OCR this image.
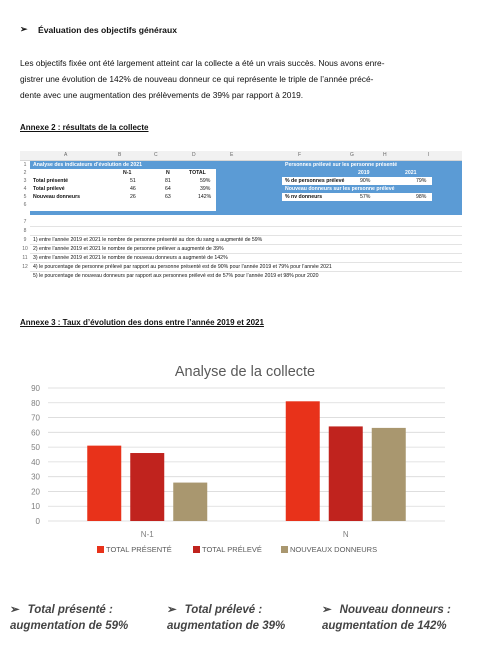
➢ Évaluation des objectifs généraux
Les objectifs fixée ont été largement atteint car la collecte a été un vrais succès. Nous avons enre-
gistrer une évolution de 142% de nouveau donneur ce qui représente le triple de l’année précé-
dente avec une augmentation des prélèvements de 39% par rapport à 2019.
Annexe 2 : résultats de la collecte
A	B	C	D	E	F	G	H	I
1
2
3
4
5
6
7
8
9
10
11
12
Analyse des indicateurs d’évolution de 2021
N-1	N	TOTAL
Total présenté	51	81	59%
Total prélevé	46	64	39%
Nouveau donneurs	26	63	142%
Personnes prélevé sur les personne présenté
2019	2021
% de personnes prélevé	90%	79%
Nouveau donneurs sur les personne prélevé
% nv donneurs	57%	98%
1) entre l’année 2019 et 2021 le nombre de personne présenté au don du sang a augmenté de 59%
2) entre l’année 2019 et 2021 le nombre de personne prélever a augmenté de 39%
3) entre l’année 2019 et 2021 le nombre de nouveau donneurs a augmenté de 142%
4) le pourcentage de personne prélevé par rapport au personne présenté est de 90% pour l’année 2019 et 79% pour l’année 2021
5) le pourcentage de nouveau donneurs par rapport aux personnes prélevé est de 57% pour l’année 2019 et 98% pour 2020
Annexe 3 : Taux d’évolution des dons entre l’année 2019 et 2021
Analyse de la collecte
0
10
20
30
40
50
60
70
80
90
N-1	N
TOTAL PRÉSENTÉ	TOTAL PRÉLEVÉ	NOUVEAUX DONNEURS
➢ Total présenté :
augmentation de 59%
➢ Total prélevé :
augmentation de 39%
➢ Nouveau donneurs :
augmentation de 142%
